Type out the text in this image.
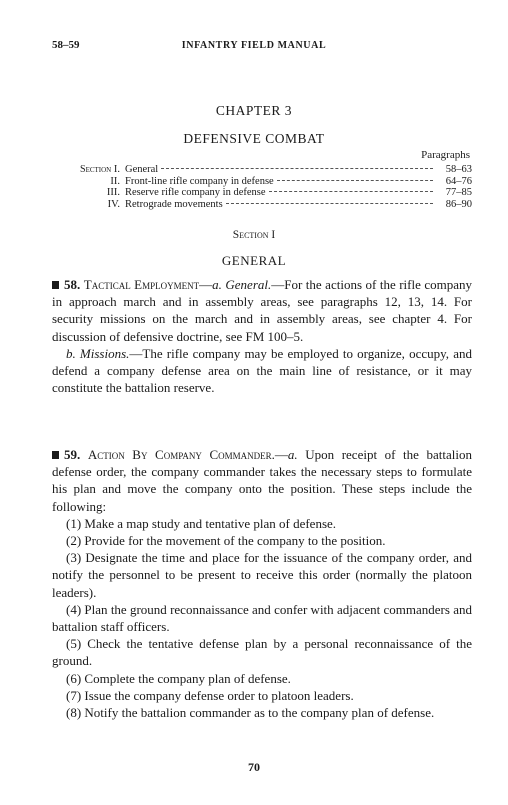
58–59	INFANTRY FIELD MANUAL
CHAPTER 3
DEFENSIVE COMBAT
Paragraphs
Section I. General	58–63
II. Front-line rifle company in defense	64–76
III. Reserve rifle company in defense	77–85
IV. Retrograde movements	86–90
Section I
GENERAL

58. Tactical Employment—a. General.—For the actions of the rifle company in approach march and in assembly areas, see paragraphs 12, 13, 14. For security missions on the march and in assembly areas, see chapter 4. For discussion of defensive doctrine, see FM 100–5.

b. Missions.—The rifle company may be employed to organize, occupy, and defend a company defense area on the main line of resistance, or it may constitute the battalion reserve.

59. Action By Company Commander.—a. Upon receipt of the battalion defense order, the company commander takes the necessary steps to formulate his plan and move the company onto the position. These steps include the following:

(1) Make a map study and tentative plan of defense.

(2) Provide for the movement of the company to the position.

(3) Designate the time and place for the issuance of the company order, and notify the personnel to be present to receive this order (normally the platoon leaders).

(4) Plan the ground reconnaissance and confer with adjacent commanders and battalion staff officers.

(5) Check the tentative defense plan by a personal reconnaissance of the ground.

(6) Complete the company plan of defense.

(7) Issue the company defense order to platoon leaders.

(8) Notify the battalion commander as to the company plan of defense.

70
